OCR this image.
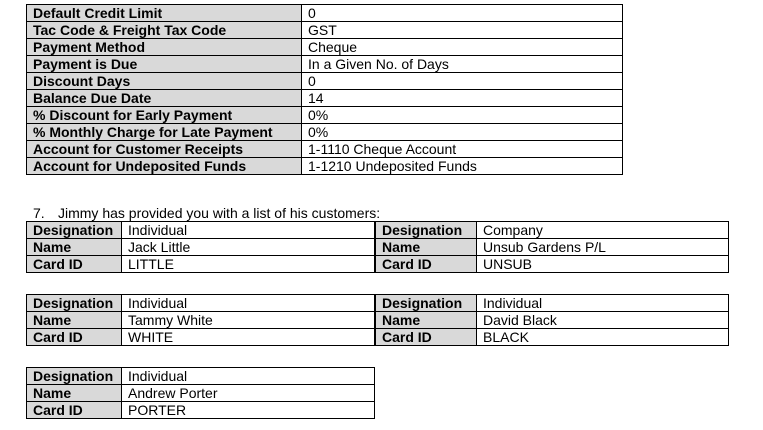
Default Credit Limit	0
Tac Code & Freight Tax Code	GST
Payment Method	Cheque
Payment is Due	In a Given No. of Days
Discount Days	0
Balance Due Date	14
% Discount for Early Payment	0%
% Monthly Charge for Late Payment	0%
Account for Customer Receipts	1-1110 Cheque Account
Account for Undeposited Funds	1-1210 Undeposited Funds
7. Jimmy has provided you with a list of his customers:
Designation	Individual
Name	Jack Little
Card ID	LITTLE
Designation	Company
Name	Unsub Gardens P/L
Card ID	UNSUB
Designation	Individual
Name	Tammy White
Card ID	WHITE
Designation	Individual
Name	David Black
Card ID	BLACK
Designation	Individual
Name	Andrew Porter
Card ID	PORTER
